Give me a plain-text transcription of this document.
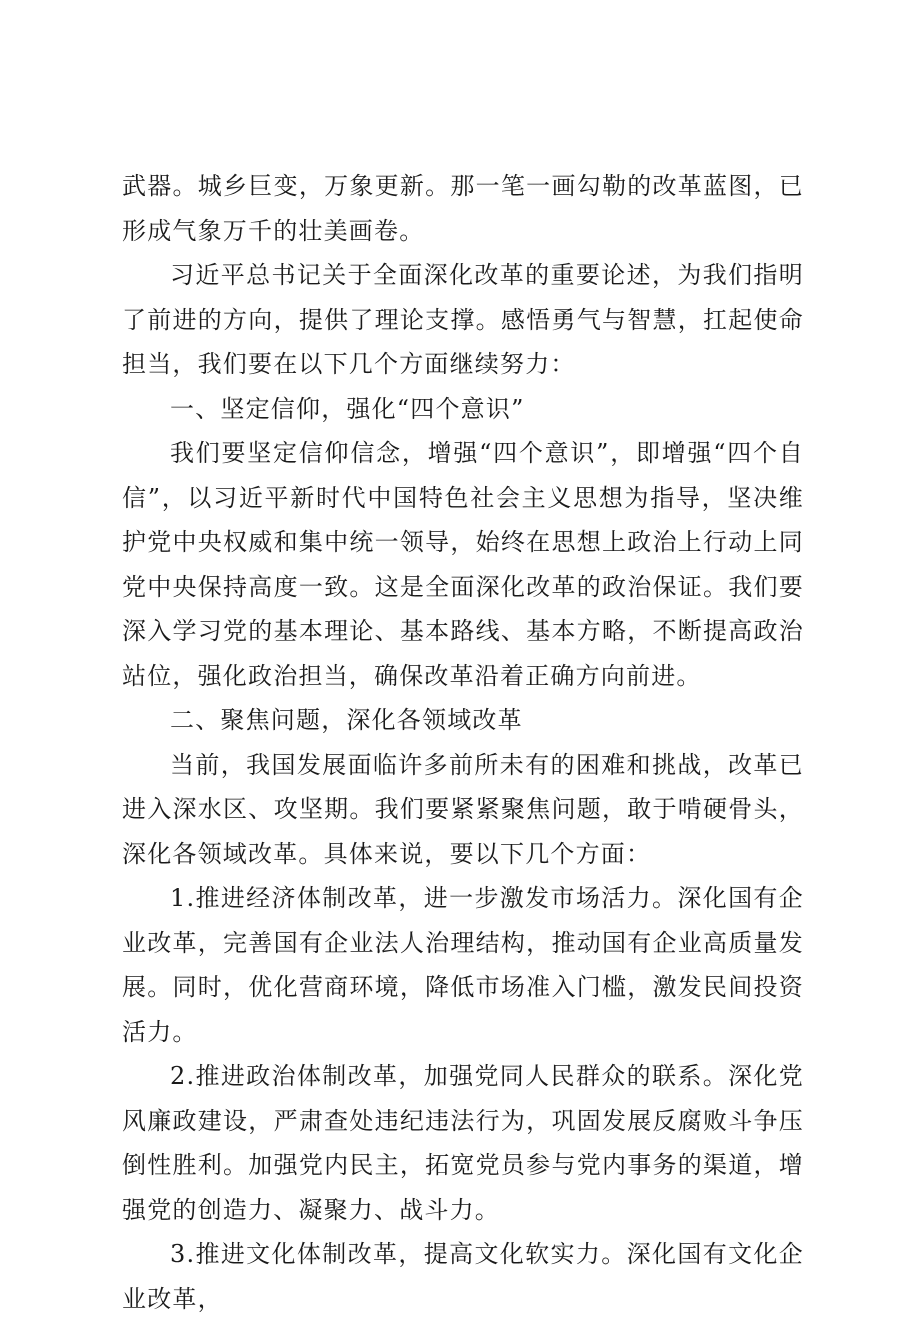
武器。城乡巨变，万象更新。那一笔一画勾勒的改革蓝图，已形成气象万千的壮美画卷。

习近平总书记关于全面深化改革的重要论述，为我们指明了前进的方向，提供了理论支撑。感悟勇气与智慧，扛起使命担当，我们要在以下几个方面继续努力：

一、坚定信仰，强化“四个意识”

我们要坚定信仰信念，增强“四个意识”，即增强“四个自信”，以习近平新时代中国特色社会主义思想为指导，坚决维护党中央权威和集中统一领导，始终在思想上政治上行动上同党中央保持高度一致。这是全面深化改革的政治保证。我们要深入学习党的基本理论、基本路线、基本方略，不断提高政治站位，强化政治担当，确保改革沿着正确方向前进。

二、聚焦问题，深化各领域改革

当前，我国发展面临许多前所未有的困难和挑战，改革已进入深水区、攻坚期。我们要紧紧聚焦问题，敢于啃硬骨头，深化各领域改革。具体来说，要以下几个方面：

1.推进经济体制改革，进一步激发市场活力。深化国有企业改革，完善国有企业法人治理结构，推动国有企业高质量发展。同时，优化营商环境，降低市场准入门槛，激发民间投资活力。

2.推进政治体制改革，加强党同人民群众的联系。深化党风廉政建设，严肃查处违纪违法行为，巩固发展反腐败斗争压倒性胜利。加强党内民主，拓宽党员参与党内事务的渠道，增强党的创造力、凝聚力、战斗力。

3.推进文化体制改革，提高文化软实力。深化国有文化企业改革，
